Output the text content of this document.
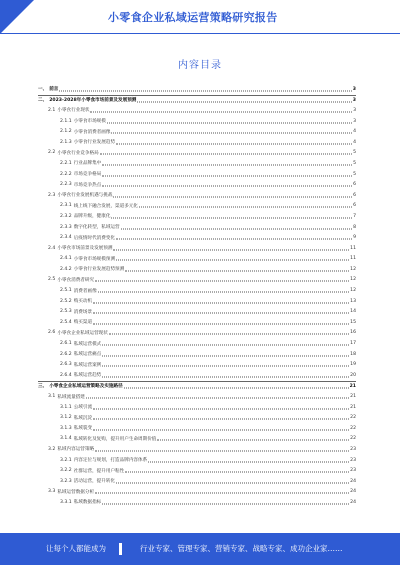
小零食企业私域运营策略研究报告
内容目录
一、 前言	3
二、 2023-2028年小零食市场前景及发展预测	3
2.1 小零食行业现状	3
2.1.1 小零食市场规模	3
2.1.2 小零食消费者画像	4
2.1.3 小零食行业发展趋势	4
2.2 小零食行业竞争格局	5
2.2.1 行业品牌集中	5
2.2.2 市场竞争格局	5
2.2.3 市场竞争热点	6
2.3 小零食行业发展机遇与挑战	6
2.3.1 线上线下融合发展，渠道多元化	6
2.3.2 品牌升级，健康化	7
2.3.3 数字化转型，私域运营	8
2.3.4 后疫情时代消费变化	9
2.4 小零食市场前景及发展预测	11
2.4.1 小零食市场规模预测	11
2.4.2 小零食行业发展趋势预测	12
2.5 小零食消费者研究	12
2.5.1 消费者画像	12
2.5.2 购买动机	13
2.5.3 消费场景	14
2.5.4 购买渠道	15
2.6 小零食企业私域运营现状	16
2.6.1 私域运营模式	17
2.6.2 私域运营痛点	18
2.6.3 私域运营案例	19
2.6.4 私域运营趋势	20
三、 小零食企业私域运营策略及实施路径	21
3.1 私域流量搭建	21
3.1.1 公域引流	21
3.1.2 私域沉淀	22
3.1.3 私域裂变	22
3.1.4 私域转化及复购，提升用户生命周期价值	22
3.2 私域内容运营策略	23
3.2.1 内容定位与规划，打造品牌内容体系	23
3.2.2 社群运营，提升用户粘性	23
3.2.3 活动运营，提升转化	24
3.3 私域运营数据分析	24
3.3.1 私域数据指标	24
让每个人都能成为	行业专家、管理专家、营销专家、战略专家、成功企业家……
